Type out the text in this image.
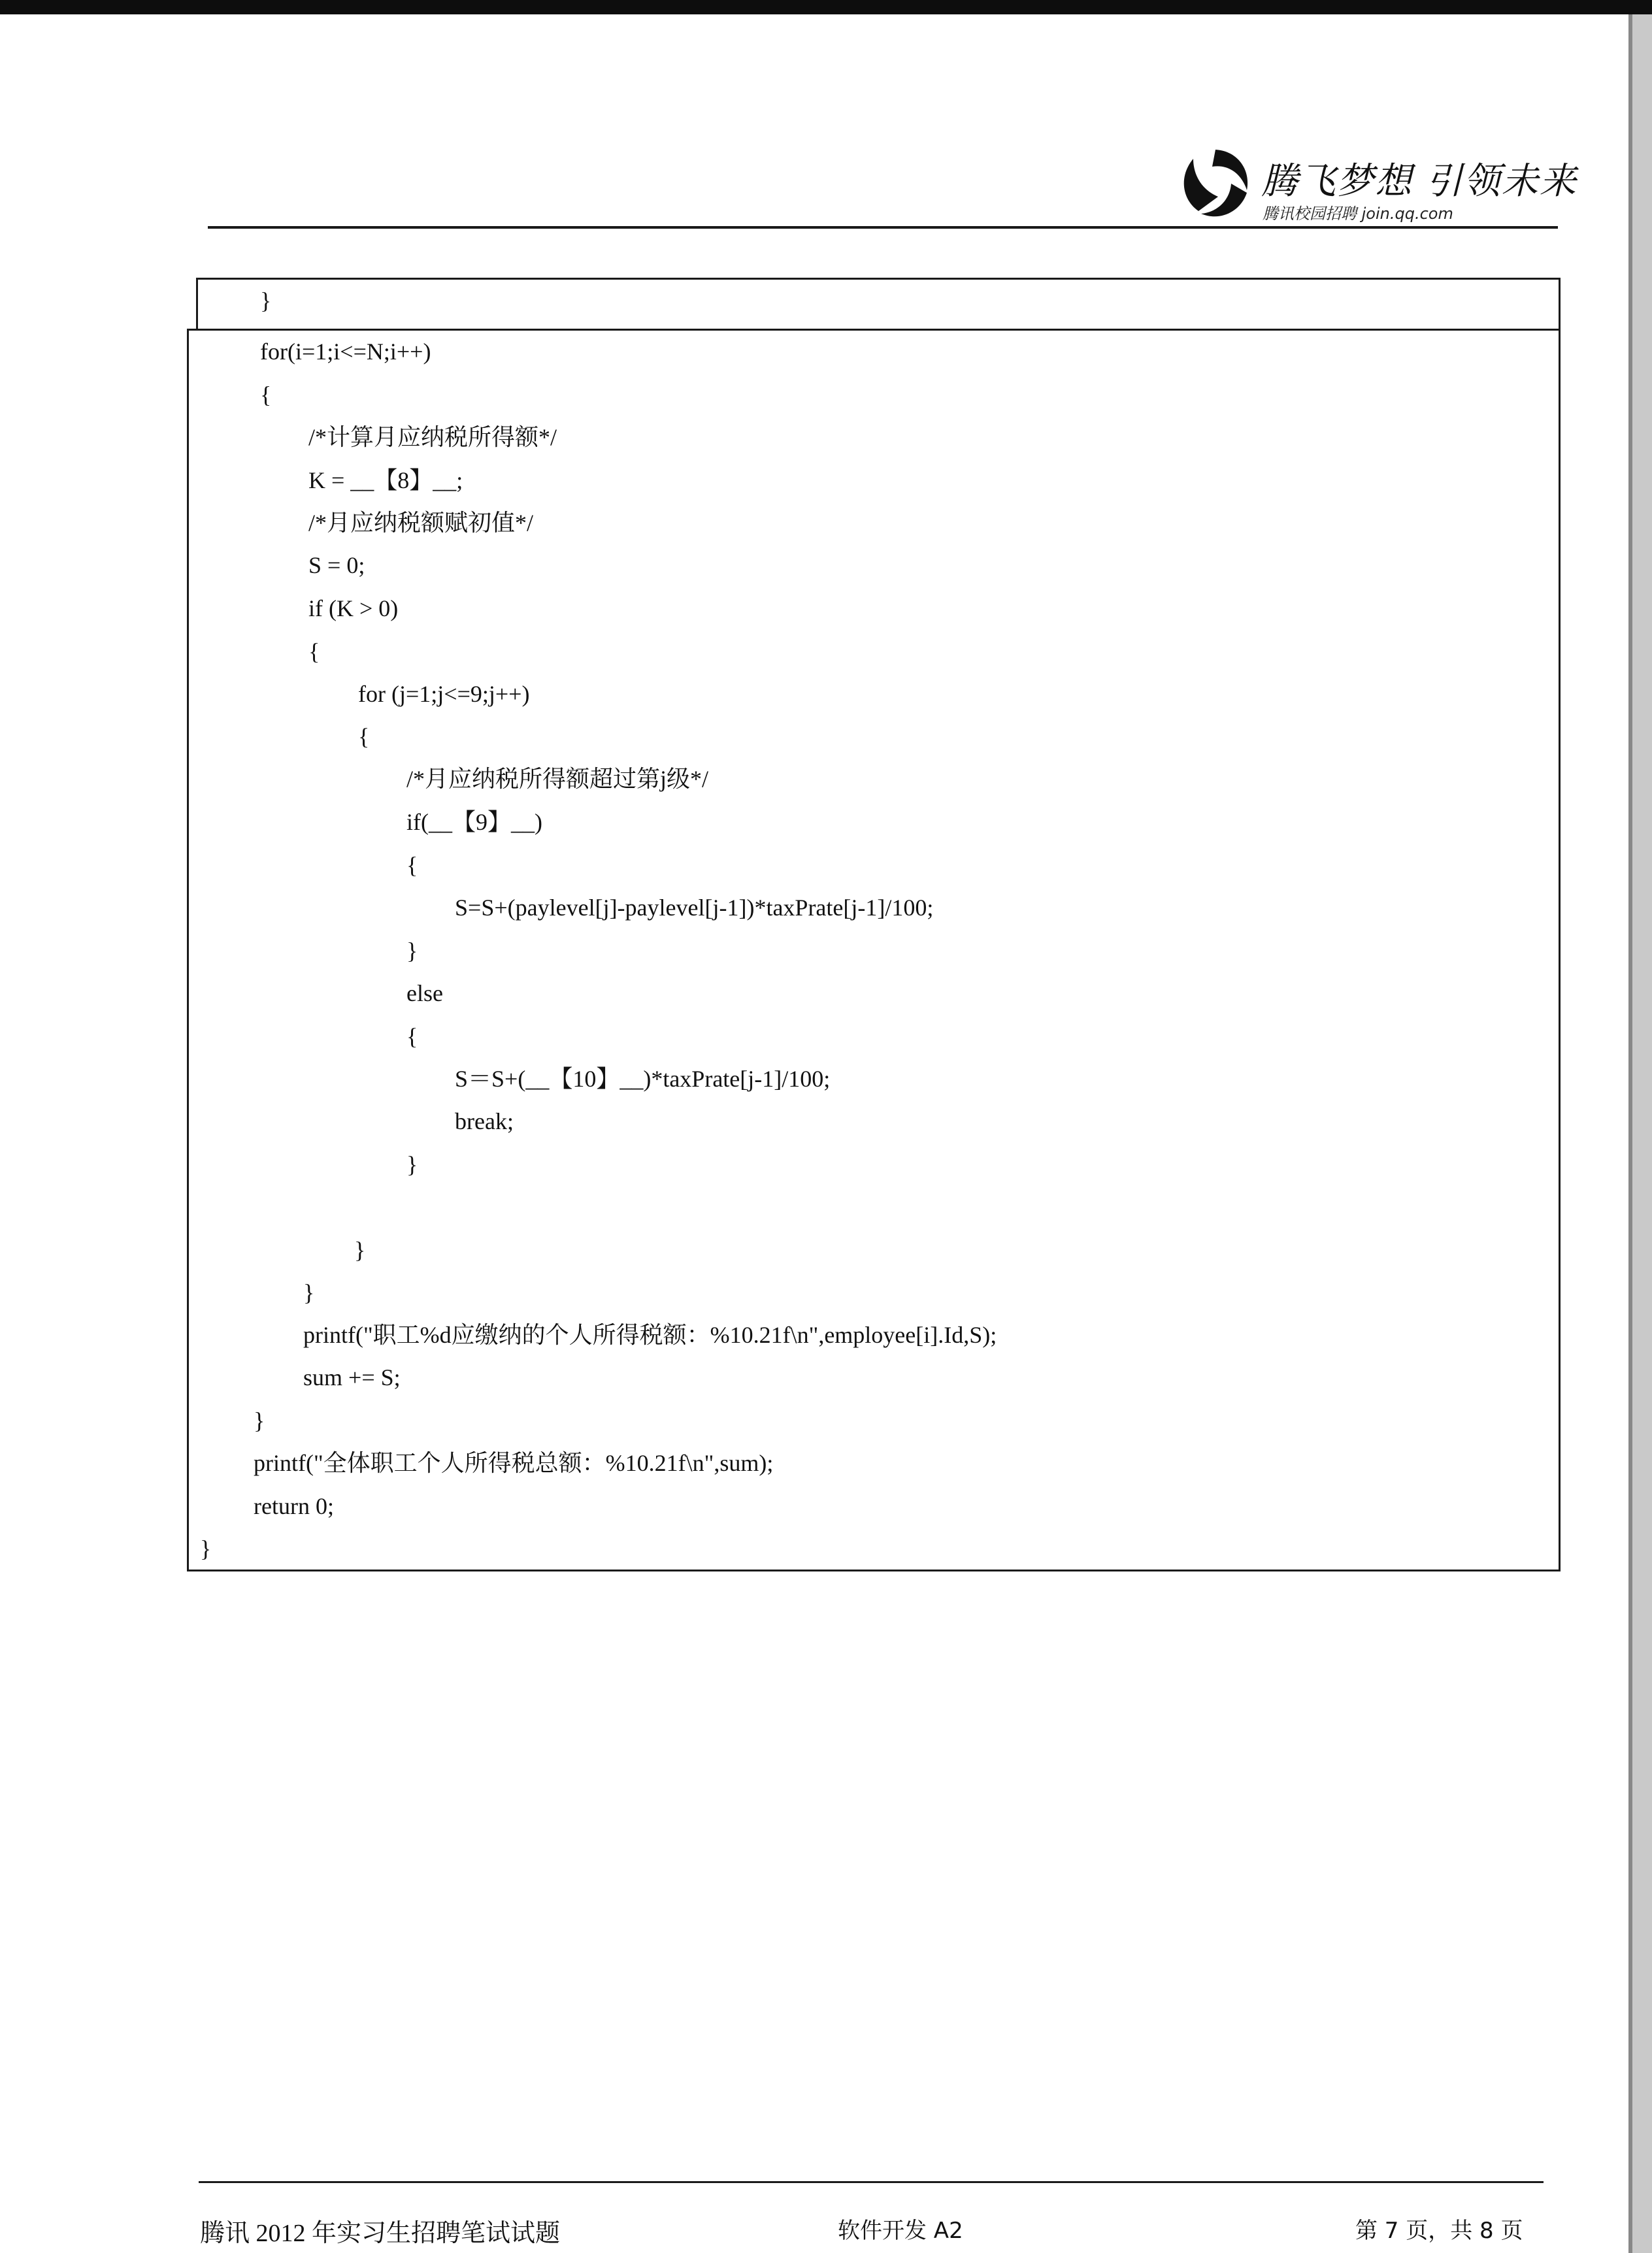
腾飞梦想 引领未来
腾讯校园招聘 join.qq.com
}
for(i=1;i<=N;i++)
{
/*计算月应纳税所得额*/
K = __【8】__;
/*月应纳税额赋初值*/
S = 0;
if (K > 0)
{
for (j=1;j<=9;j++)
{
/*月应纳税所得额超过第j级*/
if(__【9】__)
{
S=S+(paylevel[j]-paylevel[j-1])*taxPrate[j-1]/100;
}
else
{
S＝S+(__【10】__)*taxPrate[j-1]/100;
break;
}
}
}
printf("职工%d应缴纳的个人所得税额：%10.21f\n",employee[i].Id,S);
sum += S;
}
printf("全体职工个人所得税总额：%10.21f\n",sum);
return 0;
}
腾讯 2012 年实习生招聘笔试试题	软件开发 A2	第 7 页，共 8 页
